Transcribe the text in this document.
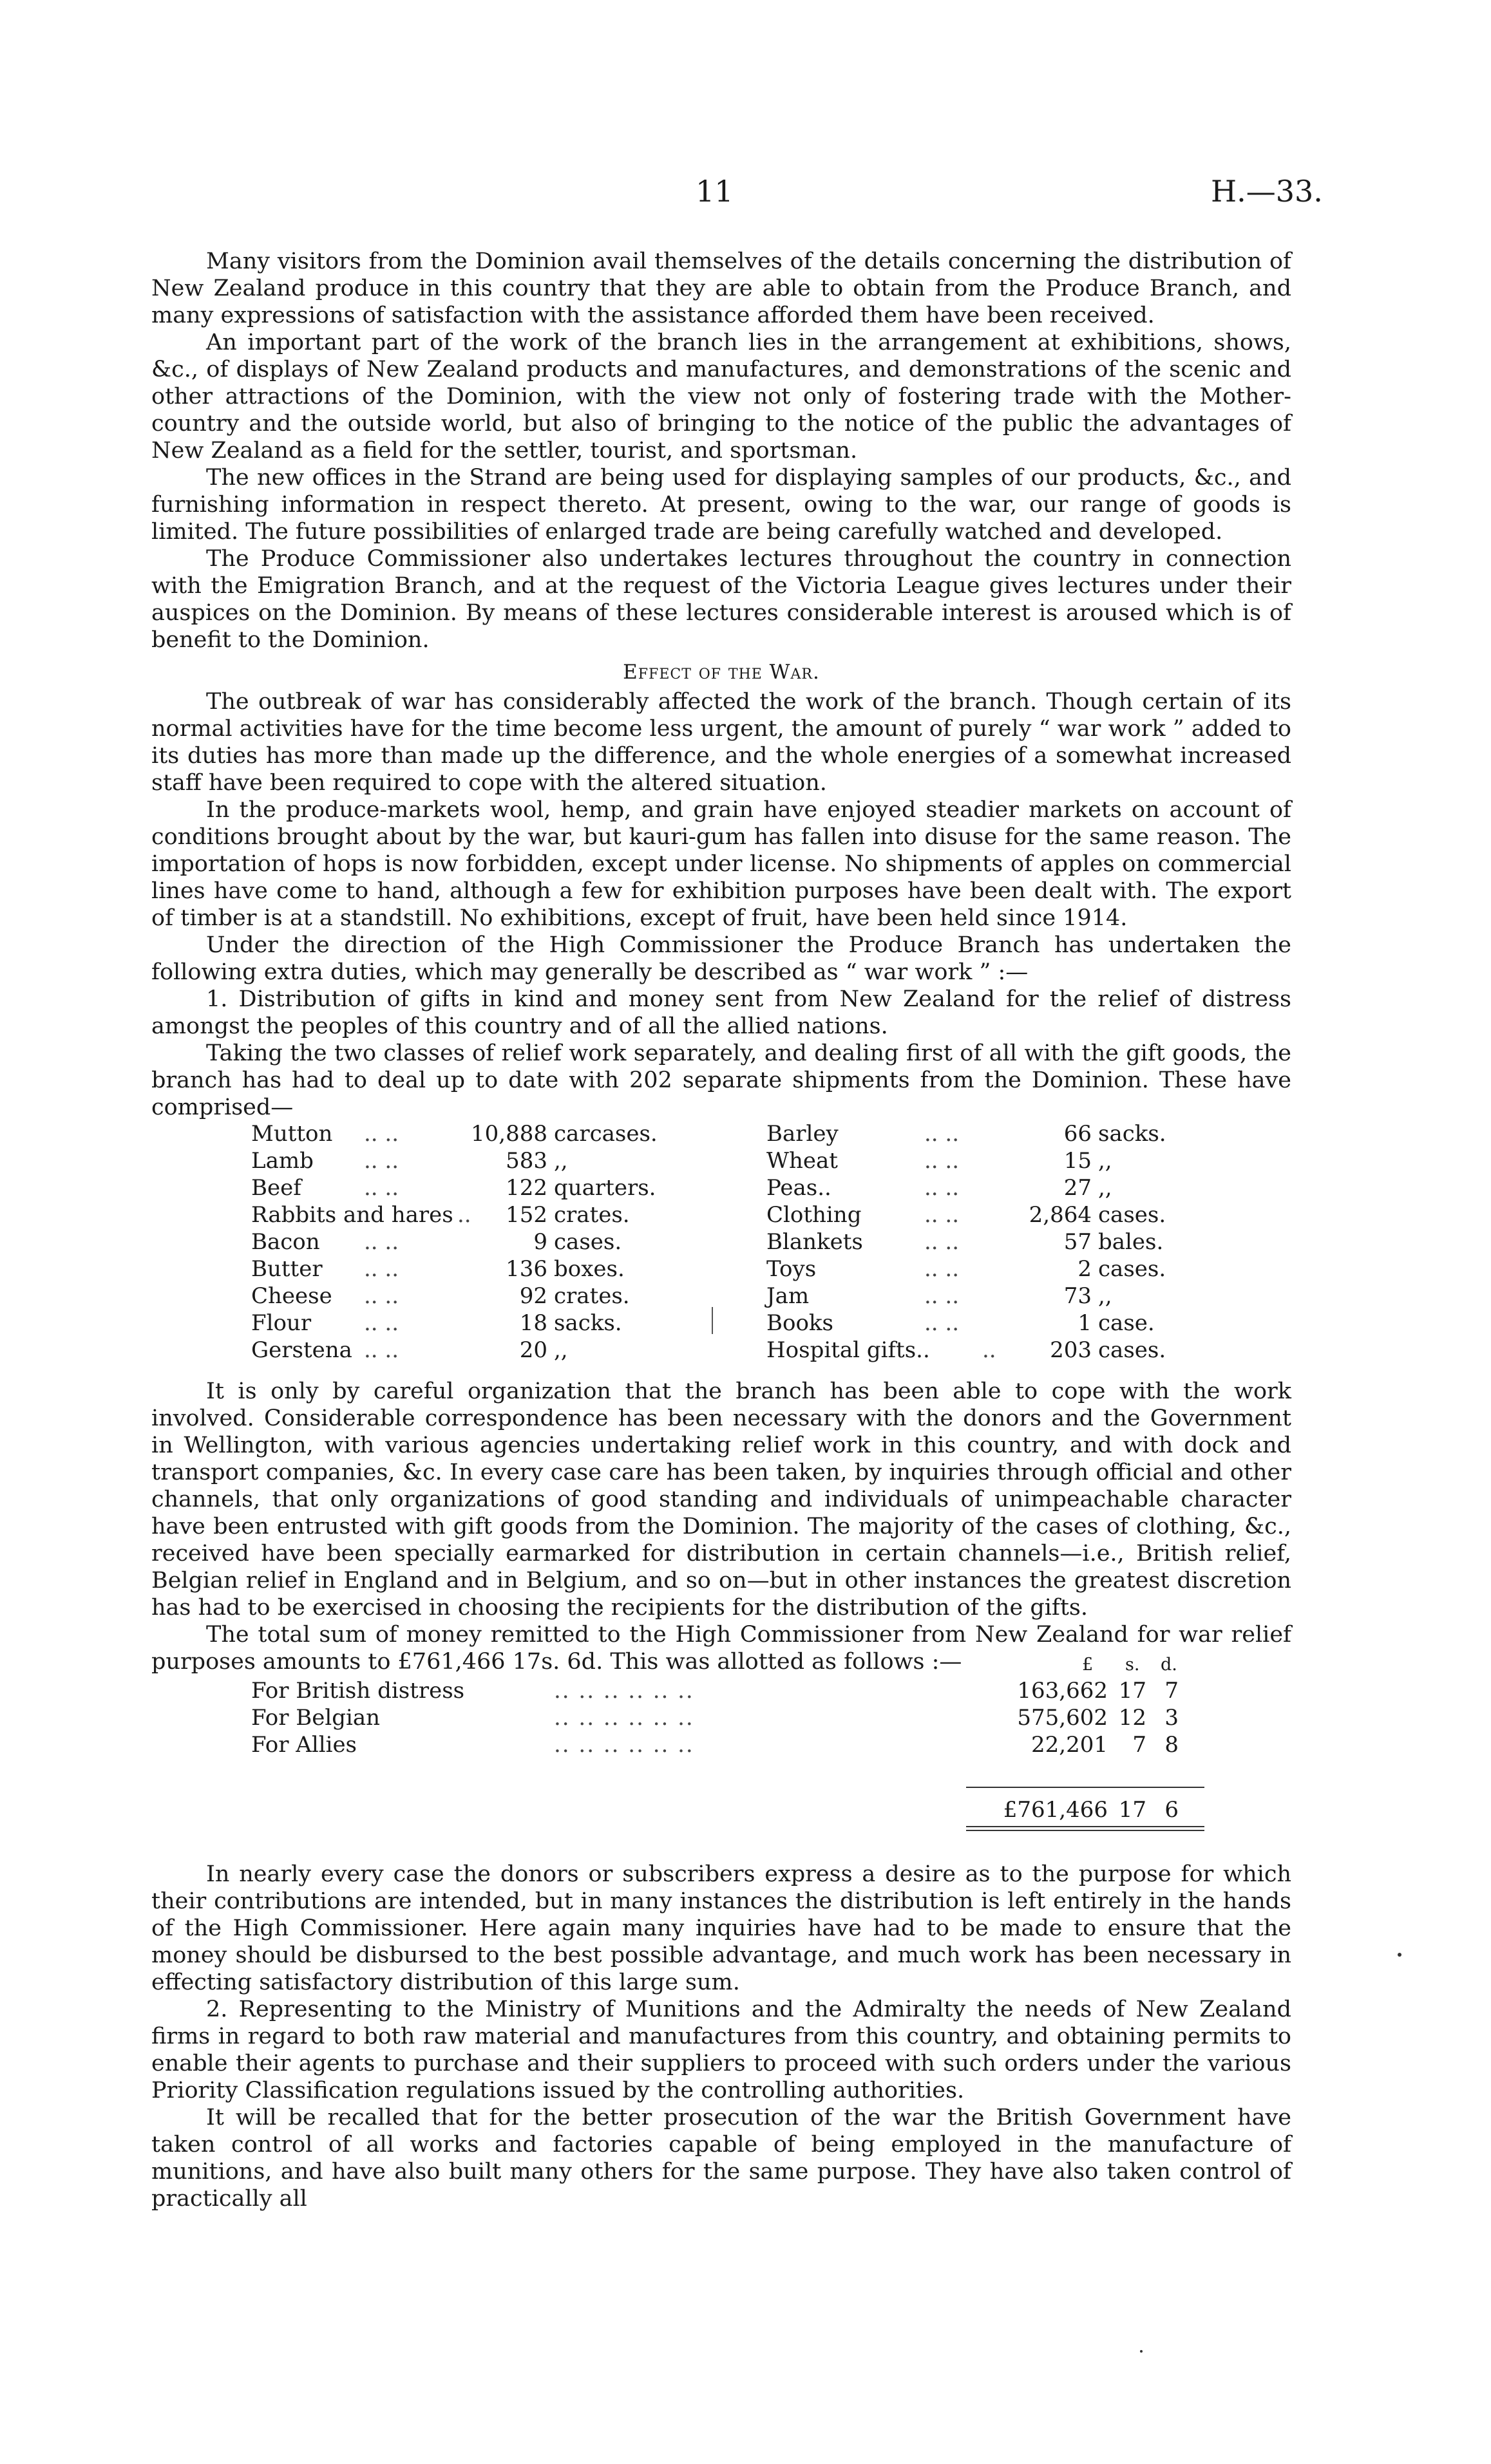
11	H.—33.

Many visitors from the Dominion avail themselves of the details concerning the distribution of New Zealand produce in this country that they are able to obtain from the Produce Branch, and many expressions of satisfaction with the assistance afforded them have been received.

An important part of the work of the branch lies in the arrangement at exhibitions, shows, &c., of displays of New Zealand products and manufactures, and demonstrations of the scenic and other attractions of the Dominion, with the view not only of fostering trade with the Mother-country and the outside world, but also of bringing to the notice of the public the advantages of New Zealand as a field for the settler, tourist, and sportsman.

The new offices in the Strand are being used for displaying samples of our products, &c., and furnishing information in respect thereto. At present, owing to the war, our range of goods is limited. The future possibilities of enlarged trade are being carefully watched and developed.

The Produce Commissioner also undertakes lectures throughout the country in connection with the Emigration Branch, and at the request of the Victoria League gives lectures under their auspices on the Dominion. By means of these lectures considerable interest is aroused which is of benefit to the Dominion.

Effect of the War.

The outbreak of war has considerably affected the work of the branch. Though certain of its normal activities have for the time become less urgent, the amount of purely “ war work ” added to its duties has more than made up the difference, and the whole energies of a somewhat increased staff have been required to cope with the altered situation.

In the produce-markets wool, hemp, and grain have enjoyed steadier markets on account of conditions brought about by the war, but kauri-gum has fallen into disuse for the same reason. The importation of hops is now forbidden, except under license. No shipments of apples on commercial lines have come to hand, although a few for exhibition purposes have been dealt with. The export of timber is at a standstill. No exhibitions, except of fruit, have been held since 1914.

Under the direction of the High Commissioner the Produce Branch has undertaken the following extra duties, which may generally be described as “ war work ” :—

1. Distribution of gifts in kind and money sent from New Zealand for the relief of distress amongst the peoples of this country and of all the allied nations.

Taking the two classes of relief work separately, and dealing first of all with the gift goods, the branch has had to deal up to date with 202 separate shipments from the Dominion. These have comprised—

Mutton .. ..	10,888 carcases.
Lamb .. ..	583 ,,
Beef	.. ..	122 quarters.
Rabbits and hares ..	152 crates.
Bacon .. ..	9 cases.
Butter .. ..	136 boxes.
Cheese .. ..	92 crates.
Flour .. ..	18 sacks.
Gerstena .. ..	20 ,,
Barley	.. ..	66 sacks.
Wheat	.. ..	15 ,,
Peas..	.. ..	27 ,,
Clothing	.. ..	2,864 cases.
Blankets	.. ..	57 bales.
Toys	.. ..	2 cases.
Jam	.. ..	73 ,,
Books	.. ..	1 case.
Hospital gifts.. ..	203 cases.

It is only by careful organization that the branch has been able to cope with the work involved. Considerable correspondence has been necessary with the donors and the Government in Wellington, with various agencies undertaking relief work in this country, and with dock and transport companies, &c. In every case care has been taken, by inquiries through official and other channels, that only organizations of good standing and individuals of unimpeachable character have been entrusted with gift goods from the Dominion. The majority of the cases of clothing, &c., received have been specially earmarked for distribution in certain channels—i.e., British relief, Belgian relief in England and in Belgium, and so on—but in other instances the greatest discretion has had to be exercised in choosing the recipients for the distribution of the gifts.

The total sum of money remitted to the High Commissioner from New Zealand for war relief purposes amounts to £761,466 17s. 6d. This was allotted as follows :—	£ s. d.
For British distress	.. .. .. .. .. ..	163,662 17 7
For Belgian	.. .. .. .. .. ..	575,602 12 3
For Allies	.. .. .. .. .. ..	22,201	7 8
£761,466 17 6

In nearly every case the donors or subscribers express a desire as to the purpose for which their contributions are intended, but in many instances the distribution is left entirely in the hands of the High Commissioner. Here again many inquiries have had to be made to ensure that the money should be disbursed to the best possible advantage, and much work has been necessary in effecting satisfactory distribution of this large sum.

2. Representing to the Ministry of Munitions and the Admiralty the needs of New Zealand firms in regard to both raw material and manufactures from this country, and obtaining permits to enable their agents to purchase and their suppliers to proceed with such orders under the various Priority Classification regulations issued by the controlling authorities.

It will be recalled that for the better prosecution of the war the British Government have taken control of all works and factories capable of being employed in the manufacture of munitions, and have also built many others for the same purpose. They have also taken control of practically all
